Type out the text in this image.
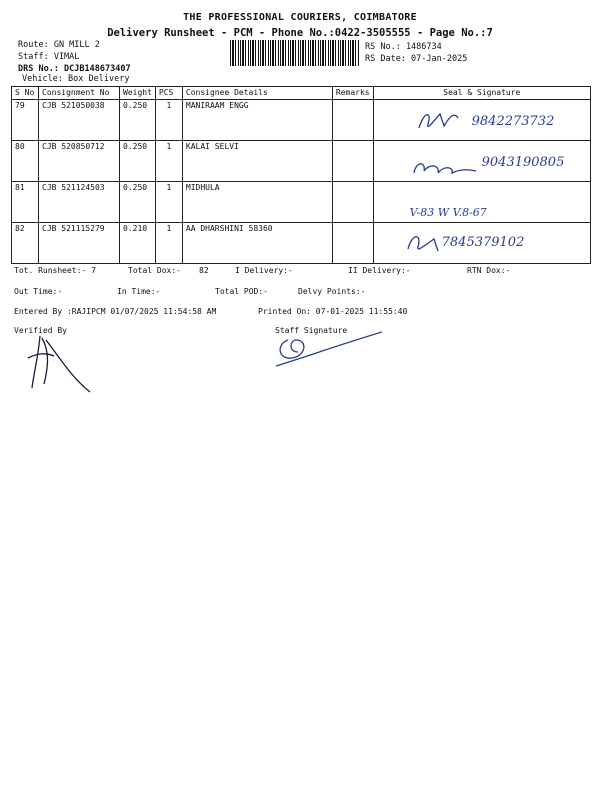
THE PROFESSIONAL COURIERS, COIMBATORE
Delivery Runsheet - PCM - Phone No.:0422-3505555 - Page No.:7
Route: GN MILL 2
Staff: VIMAL
DRS No.: DCJB148673407
Vehicle: Box Delivery
RS No.: 1486734
RS Date: 07-Jan-2025
S No	Consignment No	Weight	PCS	Consignee Details	Remarks	Seal & Signature
79	CJB 521050038	0.250	1	MANIRAAM ENGG		9842273732

80	CJB 520850712	0.250	1	KALAI SELVI		9043190805

81	CJB 521124503	0.250	1	MIDHULA		V-83 W V.8-67

82	CJB 521115279	0.210	1	AA DHARSHINI 58360		7845379102
Tot. Runsheet:- 7	Total Dox:- 82	I Delivery:-	II Delivery:-	RTN Dox:-
Out Time:-	In Time:-	Total POD:-	Delvy Points:-
Entered By :RAJIPCM 01/07/2025 11:54:58 AM	Printed On: 07-01-2025 11:55:40
Verified By	Staff Signature
